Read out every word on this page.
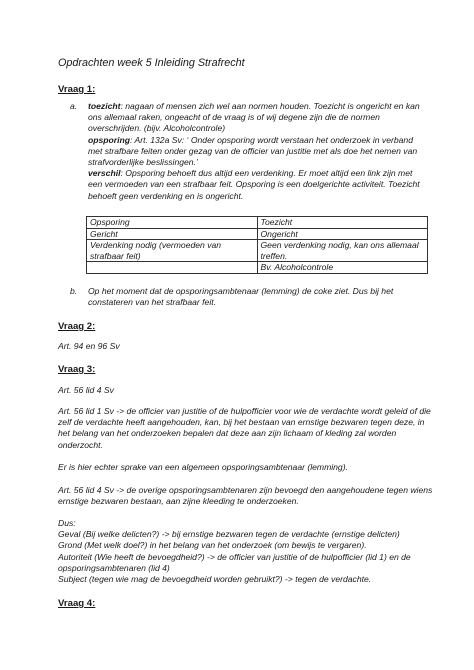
Opdrachten week 5 Inleiding Strafrecht
Vraag 1:
a. toezicht: nagaan of mensen zich wel aan normen houden. Toezicht is ongericht en kan ons allemaal raken, ongeacht of de vraag is of wij degene zijn die de normen overschrijden. (bijv. Alcoholcontrole)
opsporing: Art. 132a Sv: ‘ Onder opsporing wordt verstaan het onderzoek in verband met strafbare feiten onder gezag van de officier van justitie met als doe het nemen van strafvorderlijke beslissingen.’
verschil: Opsporing behoeft dus altijd een verdenking. Er moet altijd een link zijn met een vermoeden van een strafbaar feit. Opsporing is een doelgerichte activiteit. Toezicht behoeft geen verdenking en is ongericht.
Opsporing	Toezicht
Gericht	Ongericht
Verdenking nodig (vermoeden van strafbaar feit)	Geen verdenking nodig, kan ons allemaal treffen.
	Bv. Alcoholcontrole
b. Op het moment dat de opsporingsambtenaar (lemming) de coke ziet. Dus bij het constateren van het strafbaar feit.
Vraag 2:
Art. 94 en 96 Sv
Vraag 3:
Art. 56 lid 4 Sv
Art. 56 lid 1 Sv -> de officier van justitie of de hulpofficier voor wie de verdachte wordt geleid of die zelf de verdachte heeft aangehouden, kan, bij het bestaan van ernstige bezwaren tegen deze, in het belang van het onderzoeken bepalen dat deze aan zijn lichaam of kleding zal worden onderzocht.
Er is hier echter sprake van een algemeen opsporingsambtenaar (lemming).
Art. 56 lid 4 Sv -> de overige opsporingsambtenaren zijn bevoegd den aangehoudene tegen wiens ernstige bezwaren bestaan, aan zijne kleeding te onderzoeken.
Dus:
Geval (Bij welke delicten?) -> bij ernstige bezwaren tegen de verdachte (ernstige delicten)
Grond (Met welk doel?) in het belang van het onderzoek (om bewijs te vergaren).
Autoriteit (Wie heeft de bevoegdheid?) -> de officier van justitie of de hulpofficier (lid 1) en de opsporingsambtenaren (lid 4)
Subject (tegen wie mag de bevoegdheid worden gebruikt?) -> tegen de verdachte.
Vraag 4:
